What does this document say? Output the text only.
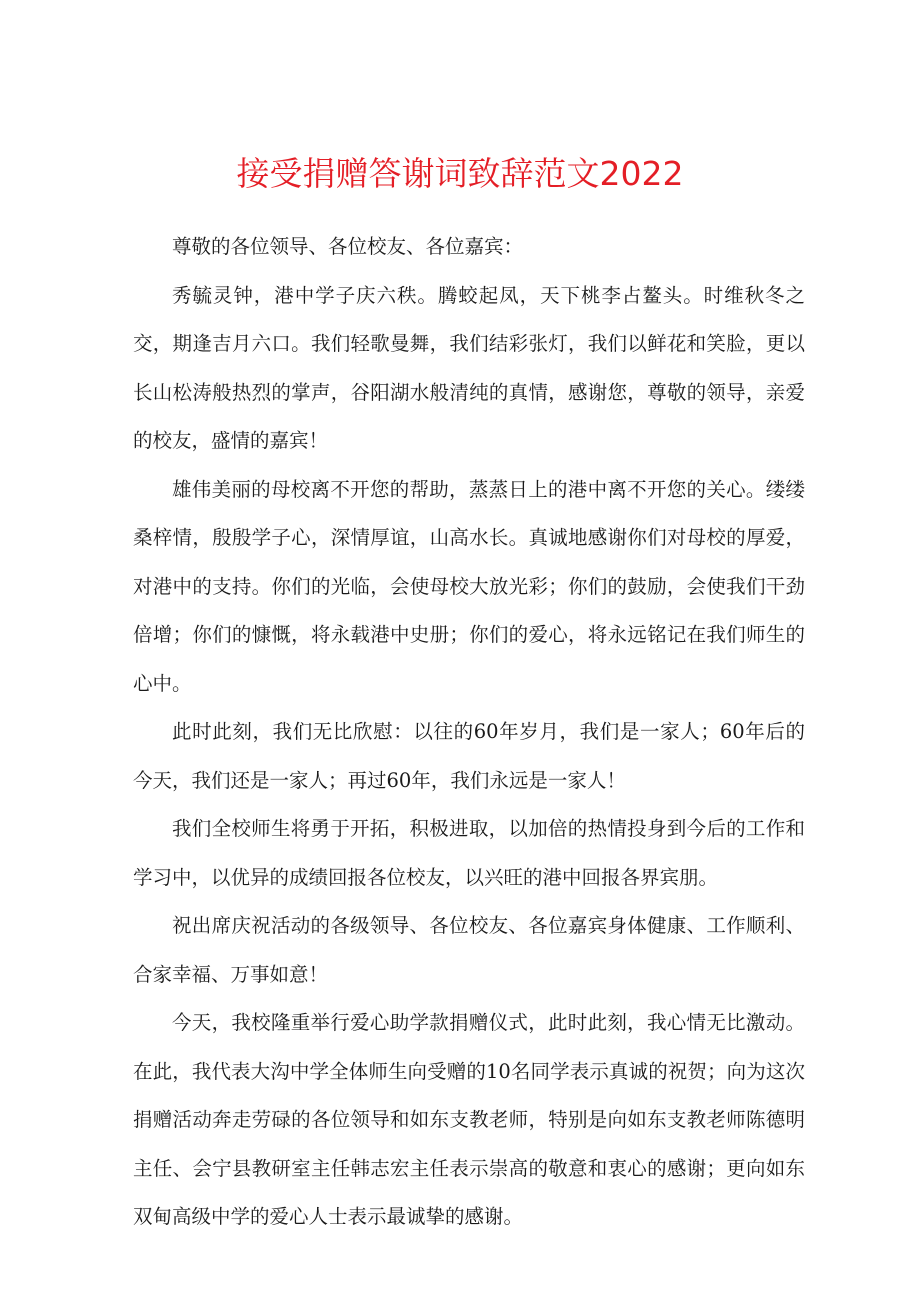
接受捐赠答谢词致辞范文2022

尊敬的各位领导、各位校友、各位嘉宾：

秀毓灵钟，港中学子庆六秩。腾蛟起凤，天下桃李占鳌头。时维秋冬之交，期逢吉月六口。我们轻歌曼舞，我们结彩张灯，我们以鲜花和笑脸，更以长山松涛般热烈的掌声，谷阳湖水般清纯的真情，感谢您，尊敬的领导，亲爱的校友，盛情的嘉宾！

雄伟美丽的母校离不开您的帮助，蒸蒸日上的港中离不开您的关心。缕缕桑梓情，殷殷学子心，深情厚谊，山高水长。真诚地感谢你们对母校的厚爱，对港中的支持。你们的光临，会使母校大放光彩；你们的鼓励，会使我们干劲倍增；你们的慷慨，将永载港中史册；你们的爱心，将永远铭记在我们师生的心中。

此时此刻，我们无比欣慰：以往的60年岁月，我们是一家人；60年后的今天，我们还是一家人；再过60年，我们永远是一家人！

我们全校师生将勇于开拓，积极进取，以加倍的热情投身到今后的工作和学习中，以优异的成绩回报各位校友，以兴旺的港中回报各界宾朋。

祝出席庆祝活动的各级领导、各位校友、各位嘉宾身体健康、工作顺利、合家幸福、万事如意！

今天，我校隆重举行爱心助学款捐赠仪式，此时此刻，我心情无比激动。在此，我代表大沟中学全体师生向受赠的10名同学表示真诚的祝贺；向为这次捐赠活动奔走劳碌的各位领导和如东支教老师，特别是向如东支教老师陈德明主任、会宁县教研室主任韩志宏主任表示崇高的敬意和衷心的感谢；更向如东双甸高级中学的爱心人士表示最诚挚的感谢。
